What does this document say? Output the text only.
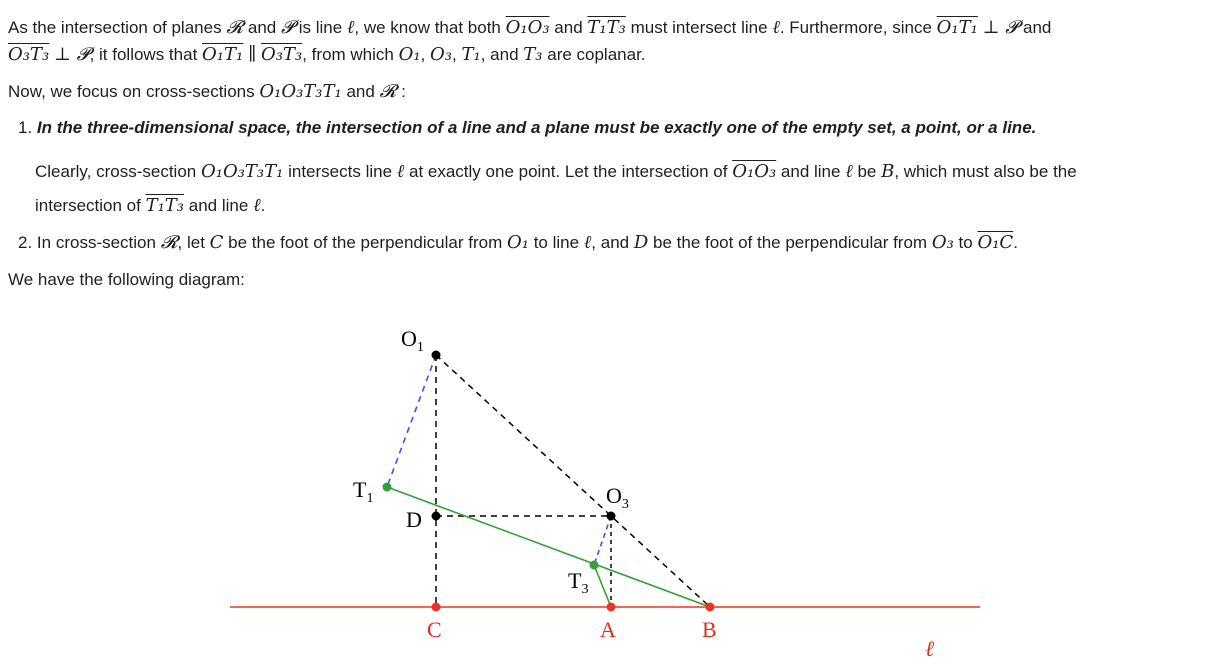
As the intersection of planes 𝓡 and 𝓟 is line ℓ, we know that both O₁O₃ and T₁T₃ must intersect line ℓ. Furthermore, since O₁T₁ ⊥ 𝓟 and
O₃T₃ ⊥ 𝓟, it follows that O₁T₁ ∥ O₃T₃, from which O₁, O₃, T₁, and T₃ are coplanar.
Now, we focus on cross-sections O₁O₃T₃T₁ and 𝓡 :
1. In the three-dimensional space, the intersection of a line and a plane must be exactly one of the empty set, a point, or a line.
Clearly, cross-section O₁O₃T₃T₁ intersects line ℓ at exactly one point. Let the intersection of O₁O₃ and line ℓ be B, which must also be the
intersection of T₁T₃ and line ℓ.
2. In cross-section 𝓡, let C be the foot of the perpendicular from O₁ to line ℓ, and D be the foot of the perpendicular from O₃ to O₁C.
We have the following diagram:
$O_1$
$O_3$
$T_1$
$T_3$
D
C	A	B
ℓ
